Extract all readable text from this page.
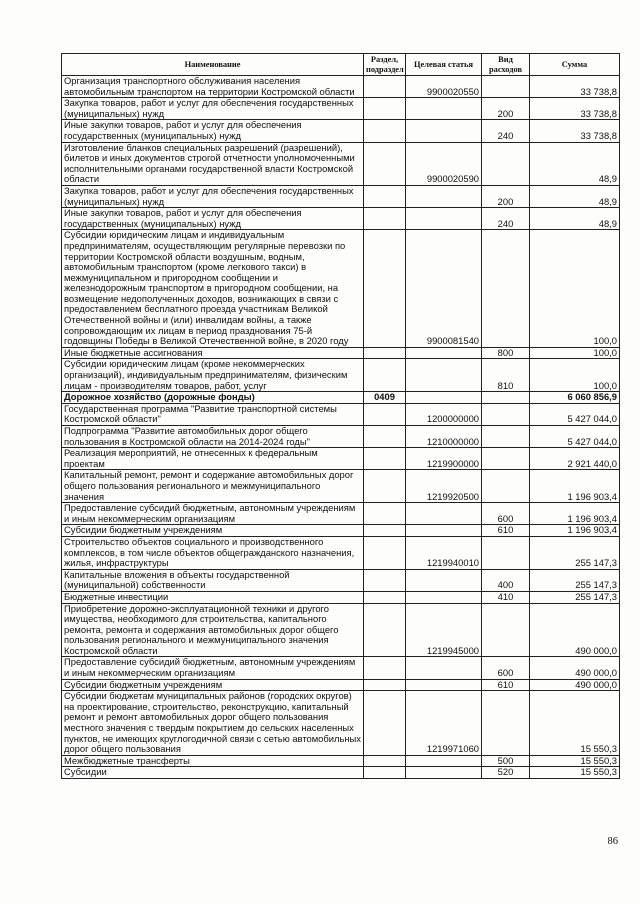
Наименование	Раздел, подраздел	Целевая статья	Вид расходов	Сумма
Организация транспортного обслуживания населения автомобильным транспортом на территории Костромской области		9900020550		33 738,8
Закупка товаров, работ и услуг для обеспечения государственных (муниципальных) нужд			200	33 738,8
Иные закупки товаров, работ и услуг для обеспечения государственных (муниципальных) нужд			240	33 738,8
Изготовление бланков специальных разрешений (разрешений), билетов и иных документов строгой отчетности уполномоченными исполнительными органами государственной власти Костромской области		9900020590		48,9
Закупка товаров, работ и услуг для обеспечения государственных (муниципальных) нужд			200	48,9
Иные закупки товаров, работ и услуг для обеспечения государственных (муниципальных) нужд			240	48,9
Субсидии юридическим лицам и индивидуальным предпринимателям, осуществляющим регулярные перевозки по территории Костромской области воздушным, водным, автомобильным транспортом (кроме легкового такси) в межмуниципальном и пригородном сообщении и железнодорожным транспортом в пригородном сообщении, на возмещение недополученных доходов, возникающих в связи с предоставлением бесплатного проезда участникам Великой Отечественной войны и (или) инвалидам войны, а также сопровождающим их лицам в период празднования 75-й годовщины Победы в Великой Отечественной войне, в 2020 году		9900081540		100,0
Иные бюджетные ассигнования			800	100,0
Субсидии юридическим лицам (кроме некоммерческих организаций), индивидуальным предпринимателям, физическим лицам - производителям товаров, работ, услуг			810	100,0
Дорожное хозяйство (дорожные фонды)	0409			6 060 856,9
Государственная программа "Развитие транспортной системы Костромской области"		1200000000		5 427 044,0
Подпрограмма "Развитие автомобильных дорог общего пользования в Костромской области на 2014-2024 годы"		1210000000		5 427 044,0
Реализация мероприятий, не отнесенных к федеральным проектам		1219900000		2 921 440,0
Капитальный ремонт, ремонт и содержание автомобильных дорог общего пользования регионального и межмуниципального значения		1219920500		1 196 903,4
Предоставление субсидий бюджетным, автономным учреждениям и иным некоммерческим организациям			600	1 196 903,4
Субсидии бюджетным учреждениям			610	1 196 903,4
Строительство объектов социального и производственного комплексов, в том числе объектов общегражданского назначения, жилья, инфраструктуры		1219940010		255 147,3
Капитальные вложения в объекты государственной (муниципальной) собственности			400	255 147,3
Бюджетные инвестиции			410	255 147,3
Приобретение дорожно-эксплуатационной техники и другого имущества, необходимого для строительства, капитального ремонта, ремонта и содержания автомобильных дорог общего пользования регионального и межмуниципального значения Костромской области		1219945000		490 000,0
Предоставление субсидий бюджетным, автономным учреждениям и иным некоммерческим организациям			600	490 000,0
Субсидии бюджетным учреждениям			610	490 000,0
Субсидии бюджетам муниципальных районов (городских округов) на проектирование, строительство, реконструкцию, капитальный ремонт и ремонт автомобильных дорог общего пользования местного значения с твердым покрытием до сельских населенных пунктов, не имеющих круглогодичной связи с сетью автомобильных дорог общего пользования		1219971060		15 550,3
Межбюджетные трансферты			500	15 550,3
Субсидии			520	15 550,3
86
